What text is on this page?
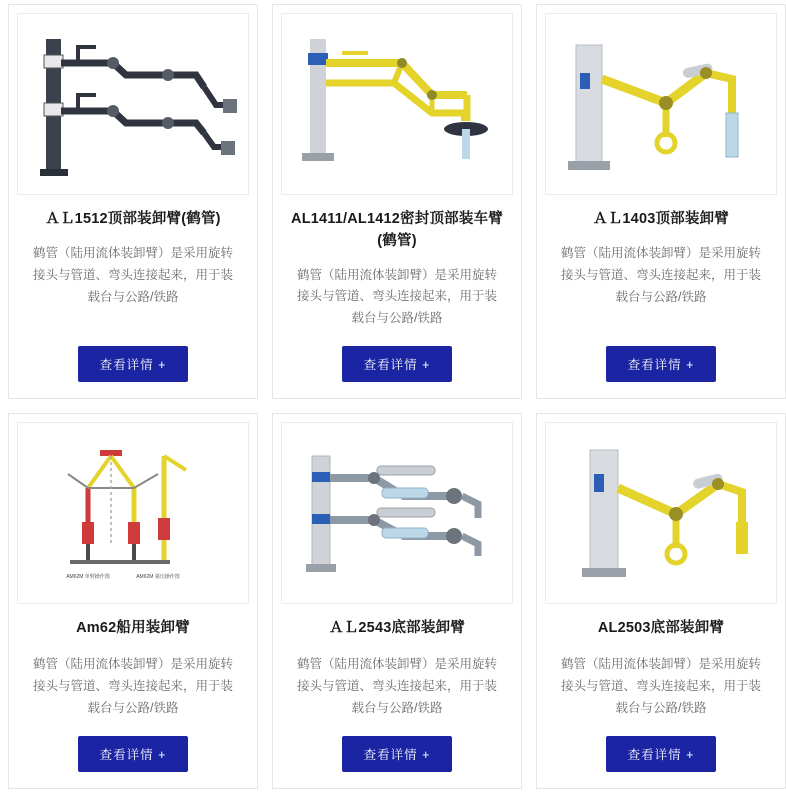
ＡＬ1512顶部装卸臂(鹤管)
鹤管（陆用流体装卸臂）是采用旋转接头与管道、弯头连接起来，用于装载台与公路/铁路
查看详情 +
AL1411/AL1412密封顶部装车臂(鹤管)
鹤管（陆用流体装卸臂）是采用旋转接头与管道、弯头连接起来，用于装载台与公路/铁路
查看详情 +
ＡＬ1403顶部装卸臂
鹤管（陆用流体装卸臂）是采用旋转接头与管道、弯头连接起来，用于装载台与公路/铁路
查看详情 +
AM62M 单臂操作图	AM62M 强压操作图
Am62船用装卸臂
鹤管（陆用流体装卸臂）是采用旋转接头与管道、弯头连接起来，用于装载台与公路/铁路
查看详情 +
ＡＬ2543底部装卸臂
鹤管（陆用流体装卸臂）是采用旋转接头与管道、弯头连接起来，用于装载台与公路/铁路
查看详情 +
AL2503底部装卸臂
鹤管（陆用流体装卸臂）是采用旋转接头与管道、弯头连接起来，用于装载台与公路/铁路
查看详情 +
